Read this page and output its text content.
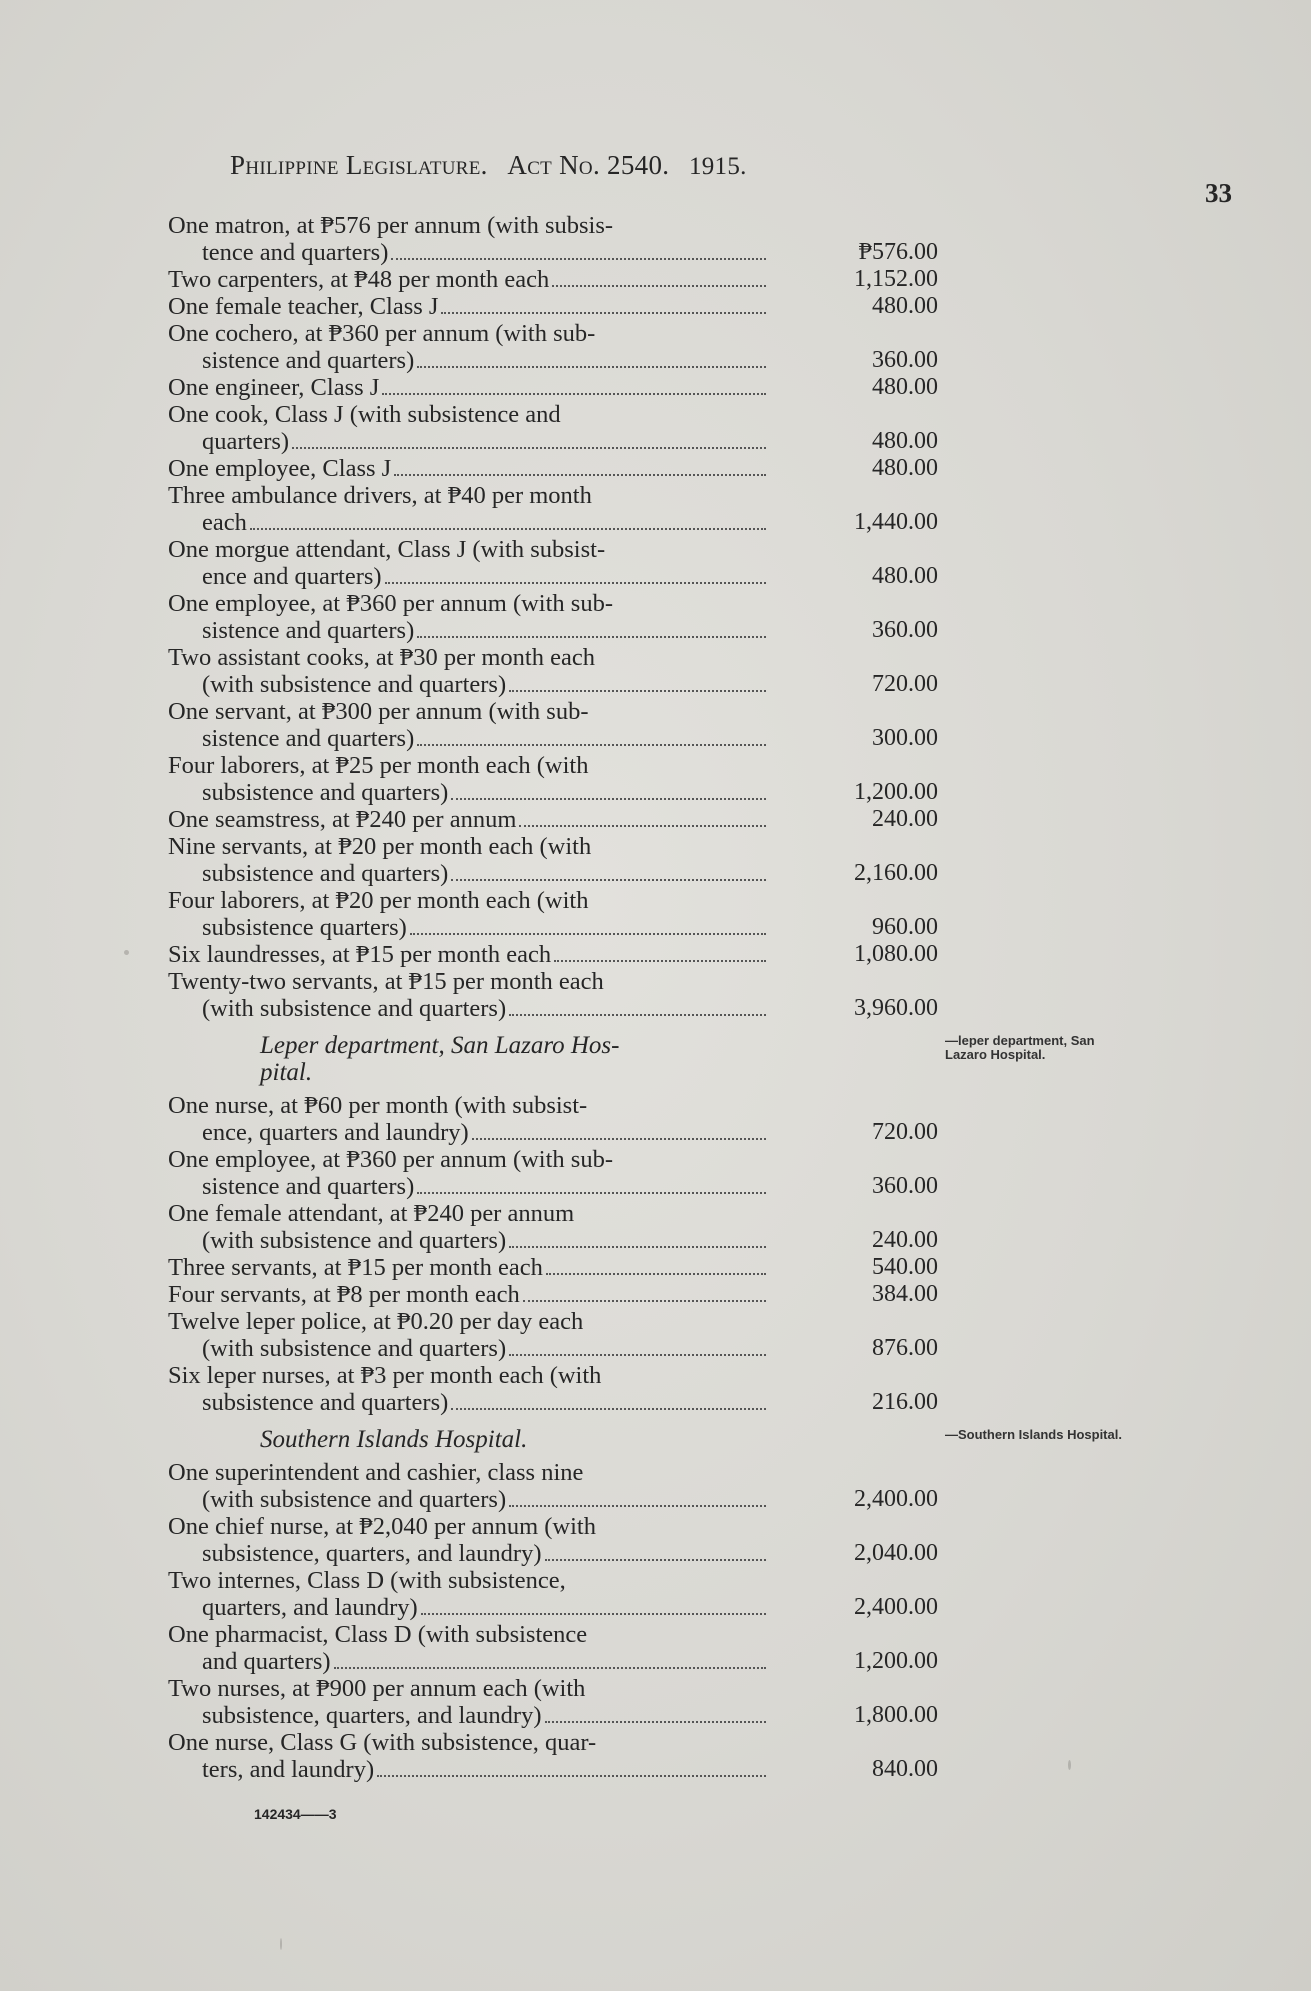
Philippine Legislature. Act No. 2540. 1915.
33
One matron, at ₱576 per annum (with subsis-
tence and quarters)	₱576.00
Two carpenters, at ₱48 per month each	1,152.00
One female teacher, Class J	480.00
One cochero, at ₱360 per annum (with sub-
sistence and quarters)	360.00
One engineer, Class J	480.00
One cook, Class J (with subsistence and
quarters)	480.00
One employee, Class J	480.00
Three ambulance drivers, at ₱40 per month
each	1,440.00
One morgue attendant, Class J (with subsist-
ence and quarters)	480.00
One employee, at ₱360 per annum (with sub-
sistence and quarters)	360.00
Two assistant cooks, at ₱30 per month each
(with subsistence and quarters)	720.00
One servant, at ₱300 per annum (with sub-
sistence and quarters)	300.00
Four laborers, at ₱25 per month each (with
subsistence and quarters)	1,200.00
One seamstress, at ₱240 per annum	240.00
Nine servants, at ₱20 per month each (with
subsistence and quarters)	2,160.00
Four laborers, at ₱20 per month each (with
subsistence quarters)	960.00
Six laundresses, at ₱15 per month each	1,080.00
Twenty-two servants, at ₱15 per month each
(with subsistence and quarters)	3,960.00
Leper department, San Lazaro Hos-
pital.
One nurse, at ₱60 per month (with subsist-
ence, quarters and laundry)	720.00
One employee, at ₱360 per annum (with sub-
sistence and quarters)	360.00
One female attendant, at ₱240 per annum
(with subsistence and quarters)	240.00
Three servants, at ₱15 per month each	540.00
Four servants, at ₱8 per month each	384.00
Twelve leper police, at ₱0.20 per day each
(with subsistence and quarters)	876.00
Six leper nurses, at ₱3 per month each (with
subsistence and quarters)	216.00
Southern Islands Hospital.
One superintendent and cashier, class nine
(with subsistence and quarters)	2,400.00
One chief nurse, at ₱2,040 per annum (with
subsistence, quarters, and laundry)	2,040.00
Two internes, Class D (with subsistence,
quarters, and laundry)	2,400.00
One pharmacist, Class D (with subsistence
and quarters)	1,200.00
Two nurses, at ₱900 per annum each (with
subsistence, quarters, and laundry)	1,800.00
One nurse, Class G (with subsistence, quar-
ters, and laundry)	840.00
142434——3
—leper department, San Lazaro Hospital.
—Southern Islands Hospital.
